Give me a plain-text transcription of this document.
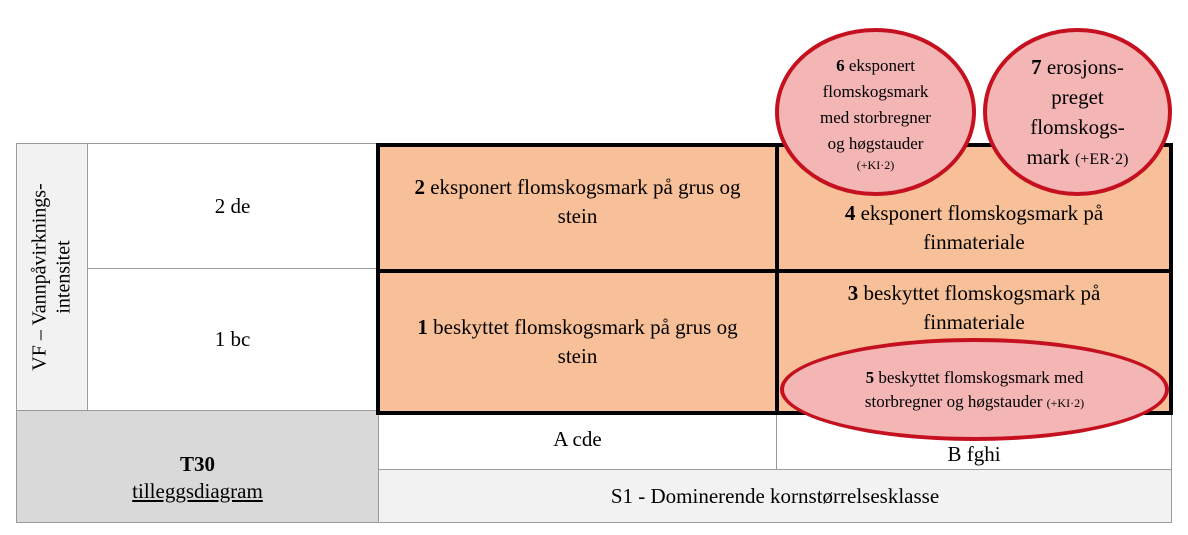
VF – Vannpåvirknings- intensitet
2 de
1 bc
T30
tilleggsdiagram
A cde
B fghi
S1 - Dominerende kornstørrelsesklasse
2 eksponert flomskogsmark på grus og stein	4 eksponert flomskogsmark på finmateriale
1 beskyttet flomskogsmark på grus og stein
3 beskyttet flomskogsmark på finmateriale
6 eksponert
flomskogsmark
med storbregner
og høgstauder
(+KI·2)
7 erosjons-
preget
flomskogs-
mark (+ER·2)
5 beskyttet flomskogsmark med
storbregner og høgstauder (+KI·2)
